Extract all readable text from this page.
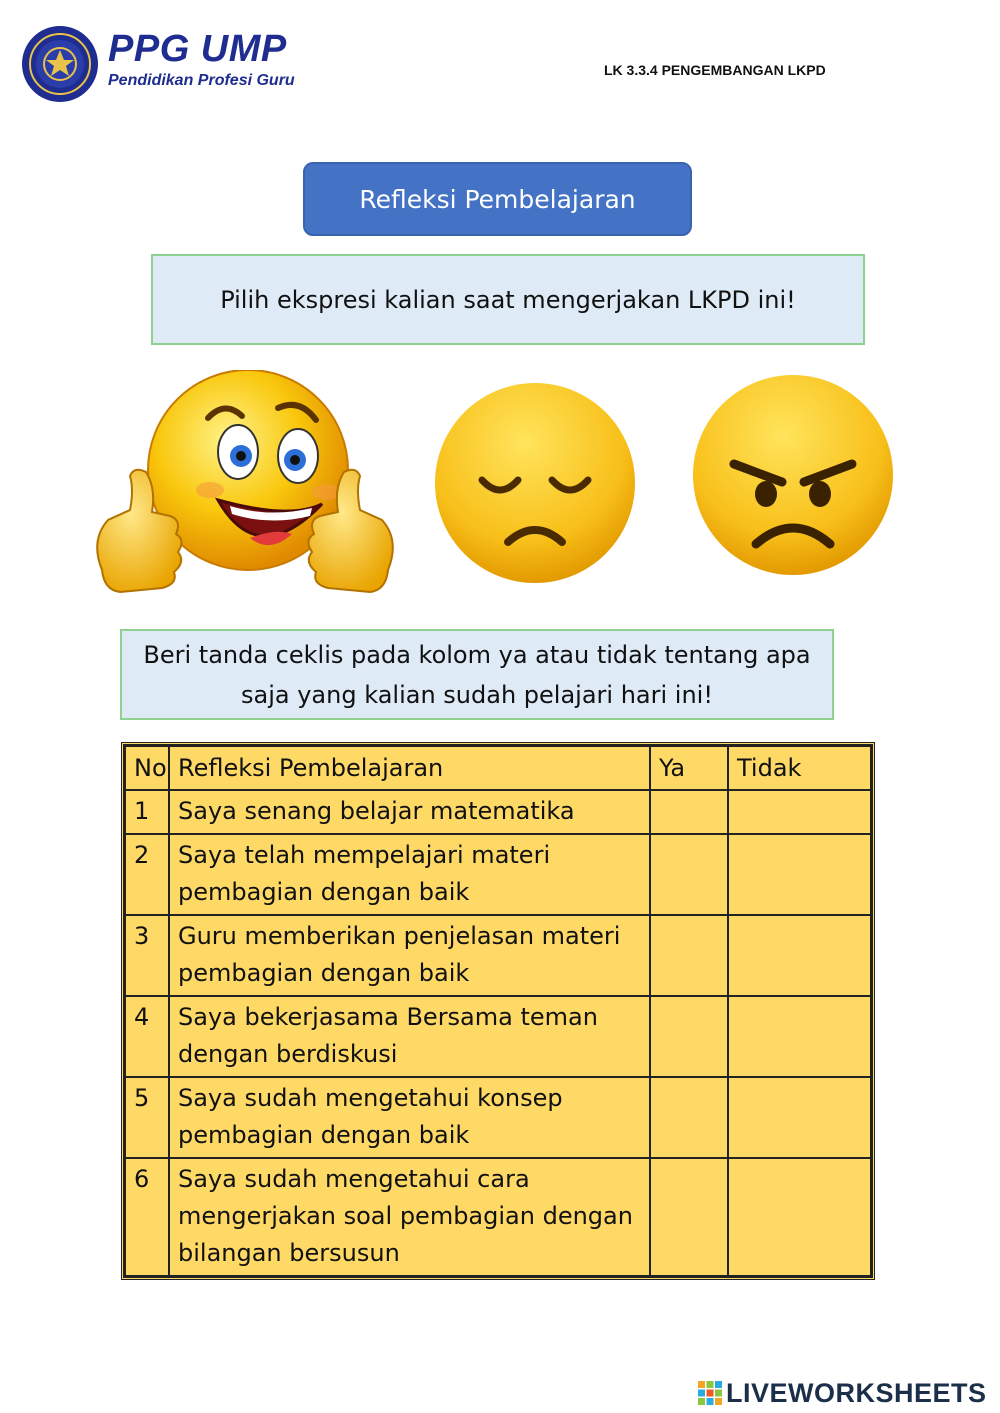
PPG UMP
Pendidikan Profesi Guru
LK 3.3.4 PENGEMBANGAN LKPD
Refleksi Pembelajaran
Pilih ekspresi kalian saat mengerjakan LKPD ini!
Beri tanda ceklis pada kolom ya atau tidak tentang apa
saja yang kalian sudah pelajari hari ini!
No	Refleksi Pembelajaran	Ya	Tidak
1	Saya senang belajar matematika		

2	Saya telah mempelajari materi
pembagian dengan baik		

3	Guru memberikan penjelasan materi
pembagian dengan baik		

4	Saya bekerjasama Bersama teman
dengan berdiskusi		

5	Saya sudah mengetahui konsep
pembagian dengan baik		

6	Saya sudah mengetahui cara
mengerjakan soal pembagian dengan
bilangan bersusun		

LIVEWORKSHEETS
